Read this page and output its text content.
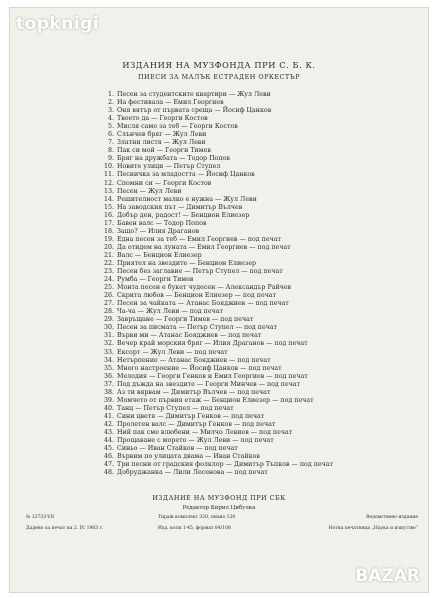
topknigi
ИЗДАНИЯ НА МУЗФОНДА ПРИ С. Б. К.
ПИЕСИ ЗА МАЛЪК ЕСТРАДЕН ОРКЕСТЪР
1. Песен за студентските квартири — Жул Леви
2. На фестивала — Емил Георгиев
3. Оня вятър от първата среща — Йосиф Цанков
4. Твоето да — Георги Костов
5. Мисля само за теб — Георги Костов
6. Слънчев бряг — Жул Леви
7. Златни листя — Жул Леви
8. Пак си мой — Георги Тимев
9. Бряг на дружбата — Тодор Попов
10. Новите улици — Петър Ступел
11. Песничка за младостта — Йосиф Цанков
12. Спомни си — Георги Костов
13. Песен — Жул Леви
14. Решителност малко е нужна — Жул Леви
15. На заводския път — Димитър Вълчев
16. Добър ден, радост! — Бенцион Елиезер
17. Бавен валс — Тодор Попов
18. Защо? — Илия Драганов
19. Една песен за теб — Емил Георгиев — под печат
20. Да отидем на луната — Емил Георгиев — под печат
21. Валс — Бенцион Елиезер
22. Приятел на звездите — Бенцион Елиезер
23. Песен без заглавие — Петър Ступел — под печат
24. Румба — Георги Тимев
25. Монта песен е букет чудесен — Александър Райчев
26. Скрита любов — Бенцион Елиезер — под печат
27. Песен за чайката — Атанас Бояджиев — под печат
28. Ча-ча — Жул Леви — под печат
29. Завръщане — Георги Тимев — под печат
30. Песен за писмата — Петър Ступел — под печат
31. Върви ми — Атанас Бояджиев — под печат
32. Вечер край морския бряг — Илия Драганов — под печат
33. Ексорт — Жул Леви — под печат
34. Нетърпение — Атанас Бояджиев — под печат
35. Много настроение — Йосиф Цанков — под печат
36. Мелодия — Георги Генков и Емил Георгиев — под печат
37. Под дъжда на звездите — Георги Минчев — под печат
38. Аз ти вярвам — Димитър Вълчев — под печат
39. Момчето от първия етаж — Бенцион Елиезер — под печат
40. Танц — Петър Ступел — под печат
41. Сини цветя — Димитър Генков — под печат
42. Пролетен валс — Димитър Генков — под печат
43. Ний пак сме влюбени — Милчо Левиев — под печат
44. Прощаване с морето — Жул Леви — под печат
45. Синьо — Иван Стайков — под печат
46. Вървим по улицата двама — Иван Стайков
47. Три песни от градския фолклор — Димитър Тъпков — под печат
48. Добруджанка — Лили Лесенова — под печат
ИЗДАНИЕ НА МУЗФОНД ПРИ СБК
Редактор Кирил Цибулка
№ 12733-VII	Тираж комплект 320, пиано 120	Ведомствено издание
Дадено за печат на 2. IV. 1963 г.	Изд. коли 1·45, формат 84/108	Нотна печатница „Наука и изкуство“
BAZAR
